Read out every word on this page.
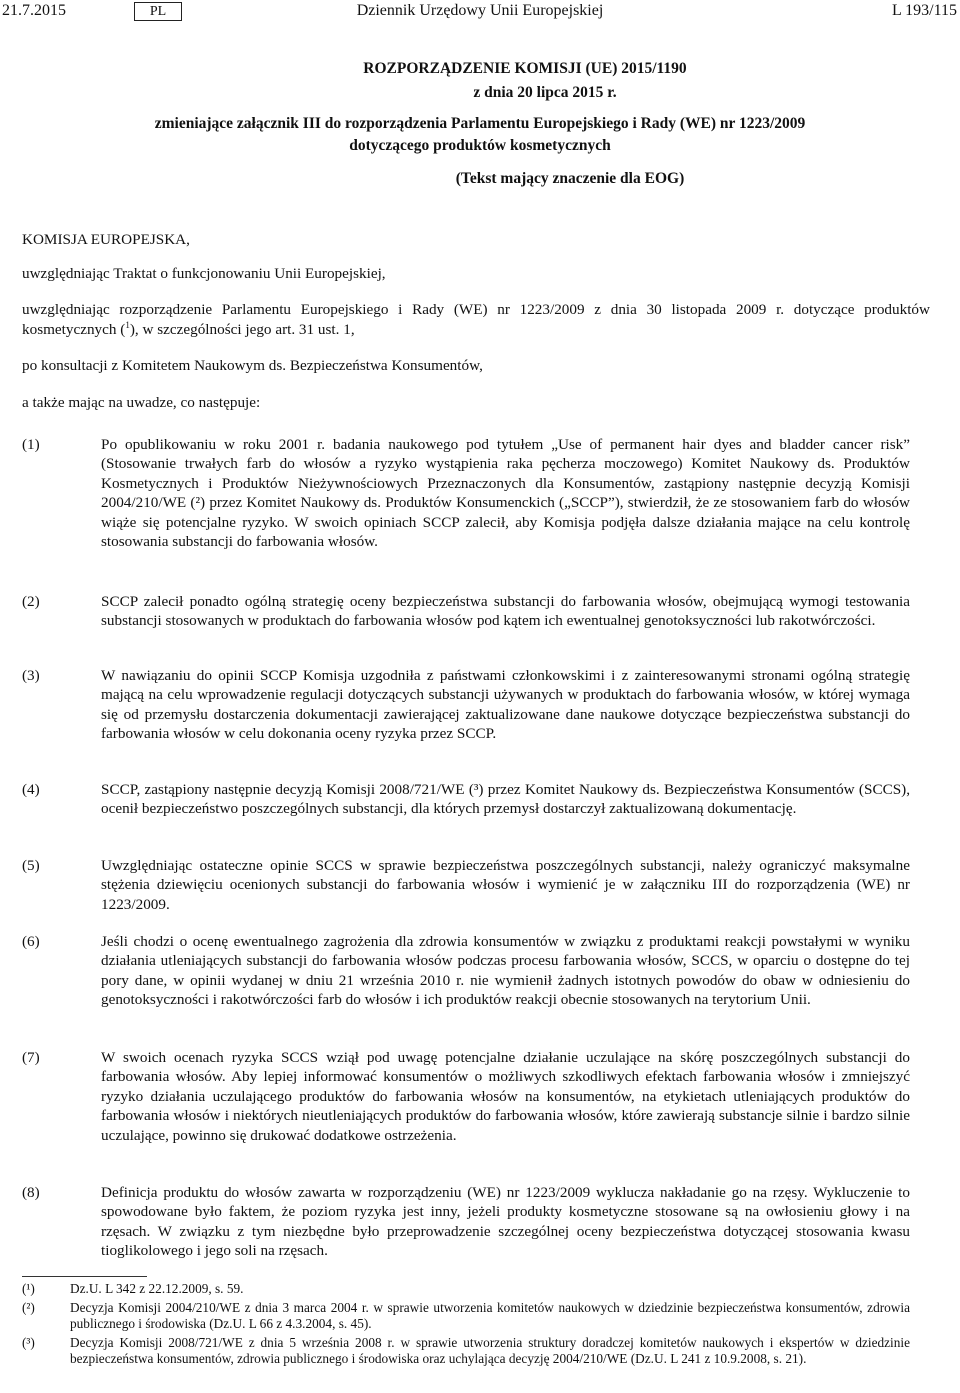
21.7.2015	PL	Dziennik Urzędowy Unii Europejskiej	L 193/115
ROZPORZĄDZENIE KOMISJI (UE) 2015/1190
z dnia 20 lipca 2015 r.
zmieniające załącznik III do rozporządzenia Parlamentu Europejskiego i Rady (WE) nr 1223/2009
dotyczącego produktów kosmetycznych
(Tekst mający znaczenie dla EOG)

KOMISJA EUROPEJSKA,

uwzględniając Traktat o funkcjonowaniu Unii Europejskiej,

uwzględniając rozporządzenie Parlamentu Europejskiego i Rady (WE) nr 1223/2009 z dnia 30 listopada 2009 r. dotyczące produktów kosmetycznych ($^1$), w szczególności jego art. 31 ust. 1,

po konsultacji z Komitetem Naukowym ds. Bezpieczeństwa Konsumentów,

a także mając na uwadze, co następuje:

(1)	Po opublikowaniu w roku 2001 r. badania naukowego pod tytułem „Use of permanent hair dyes and bladder cancer risk” (Stosowanie trwałych farb do włosów a ryzyko wystąpienia raka pęcherza moczowego) Komitet Naukowy ds. Produktów Kosmetycznych i Produktów Nieżywnościowych Przeznaczonych dla Konsumentów, zastąpiony następnie decyzją Komisji 2004/210/WE (²) przez Komitet Naukowy ds. Produktów Konsumenckich („SCCP”), stwierdził, że ze stosowaniem farb do włosów wiąże się potencjalne ryzyko. W swoich opiniach SCCP zalecił, aby Komisja podjęła dalsze działania mające na celu kontrolę stosowania substancji do farbowania włosów.
(2)	SCCP zalecił ponadto ogólną strategię oceny bezpieczeństwa substancji do farbowania włosów, obejmującą wymogi testowania substancji stosowanych w produktach do farbowania włosów pod kątem ich ewentualnej genotoksyczności lub rakotwórczości.
(3)	W nawiązaniu do opinii SCCP Komisja uzgodniła z państwami członkowskimi i z zainteresowanymi stronami ogólną strategię mającą na celu wprowadzenie regulacji dotyczących substancji używanych w produktach do farbowania włosów, w której wymaga się od przemysłu dostarczenia dokumentacji zawierającej zaktualizowane dane naukowe dotyczące bezpieczeństwa substancji do farbowania włosów w celu dokonania oceny ryzyka przez SCCP.
(4)	SCCP, zastąpiony następnie decyzją Komisji 2008/721/WE (³) przez Komitet Naukowy ds. Bezpieczeństwa Konsumentów (SCCS), ocenił bezpieczeństwo poszczególnych substancji, dla których przemysł dostarczył zaktualizowaną dokumentację.
(5)	Uwzględniając ostateczne opinie SCCS w sprawie bezpieczeństwa poszczególnych substancji, należy ograniczyć maksymalne stężenia dziewięciu ocenionych substancji do farbowania włosów i wymienić je w załączniku III do rozporządzenia (WE) nr 1223/2009.
(6)	Jeśli chodzi o ocenę ewentualnego zagrożenia dla zdrowia konsumentów w związku z produktami reakcji powstałymi w wyniku działania utleniających substancji do farbowania włosów podczas procesu farbowania włosów, SCCS, w oparciu o dostępne do tej pory dane, w opinii wydanej w dniu 21 września 2010 r. nie wymienił żadnych istotnych powodów do obaw w odniesieniu do genotoksyczności i rakotwórczości farb do włosów i ich produktów reakcji obecnie stosowanych na terytorium Unii.
(7)	W swoich ocenach ryzyka SCCS wziął pod uwagę potencjalne działanie uczulające na skórę poszczególnych substancji do farbowania włosów. Aby lepiej informować konsumentów o możliwych szkodliwych efektach farbowania włosów i zmniejszyć ryzyko działania uczulającego produktów do farbowania włosów na konsumentów, na etykietach utleniających produktów do farbowania włosów i niektórych nieutleniających produktów do farbowania włosów, które zawierają substancje silnie i bardzo silnie uczulające, powinno się drukować dodatkowe ostrzeżenia.
(8)	Definicja produktu do włosów zawarta w rozporządzeniu (WE) nr 1223/2009 wyklucza nakładanie go na rzęsy. Wykluczenie to spowodowane było faktem, że poziom ryzyka jest inny, jeżeli produkty kosmetyczne stosowane są na owłosieniu głowy i na rzęsach. W związku z tym niezbędne było przeprowadzenie szczególnej oceny bezpieczeństwa dotyczącej stosowania kwasu tioglikolowego i jego soli na rzęsach.
(¹)	Dz.U. L 342 z 22.12.2009, s. 59.
(²)	Decyzja Komisji 2004/210/WE z dnia 3 marca 2004 r. w sprawie utworzenia komitetów naukowych w dziedzinie bezpieczeństwa konsumentów, zdrowia publicznego i środowiska (Dz.U. L 66 z 4.3.2004, s. 45).
(³)	Decyzja Komisji 2008/721/WE z dnia 5 września 2008 r. w sprawie utworzenia struktury doradczej komitetów naukowych i ekspertów w dziedzinie bezpieczeństwa konsumentów, zdrowia publicznego i środowiska oraz uchylająca decyzję 2004/210/WE (Dz.U. L 241 z 10.9.2008, s. 21).
